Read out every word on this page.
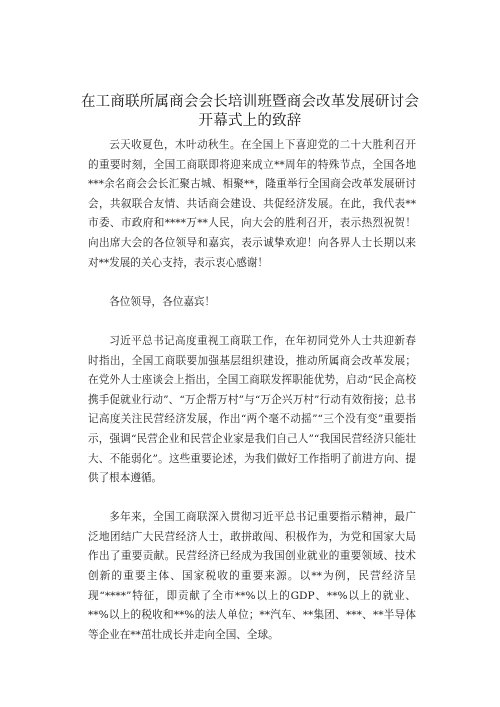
在工商联所属商会会长培训班暨商会改革发展研讨会
开幕式上的致辞

云天收夏色，木叶动秋生。在全国上下喜迎党的二十大胜利召开的重要时刻，全国工商联即将迎来成立**周年的特殊节点，全国各地***余名商会会长汇聚古城、相聚**，隆重举行全国商会改革发展研讨会，共叙联合友情、共话商会建设、共促经济发展。在此，我代表**市委、市政府和****万**人民，向大会的胜利召开，表示热烈祝贺！向出席大会的各位领导和嘉宾，表示诚挚欢迎！向各界人士长期以来对**发展的关心支持，表示衷心感谢！

各位领导，各位嘉宾！

习近平总书记高度重视工商联工作，在年初同党外人士共迎新春时指出，全国工商联要加强基层组织建设，推动所属商会改革发展；在党外人士座谈会上指出，全国工商联发挥职能优势，启动“民企高校携手促就业行动”、“万企帮万村”与“万企兴万村”行动有效衔接；总书记高度关注民营经济发展，作出“两个毫不动摇”“三个没有变”重要指示，强调“民营企业和民营企业家是我们自己人”“我国民营经济只能壮大、不能弱化”。这些重要论述，为我们做好工作指明了前进方向、提供了根本遵循。

多年来，全国工商联深入贯彻习近平总书记重要指示精神，最广泛地团结广大民营经济人士，敢拼敢闯、积极作为，为党和国家大局作出了重要贡献。民营经济已经成为我国创业就业的重要领域、技术创新的重要主体、国家税收的重要来源。以**为例，民营经济呈现“****”特征，即贡献了全市**%以上的GDP、**%以上的就业、**%以上的税收和**%的法人单位；**汽车、**集团、***、**半导体等企业在**茁壮成长并走向全国、全球。
